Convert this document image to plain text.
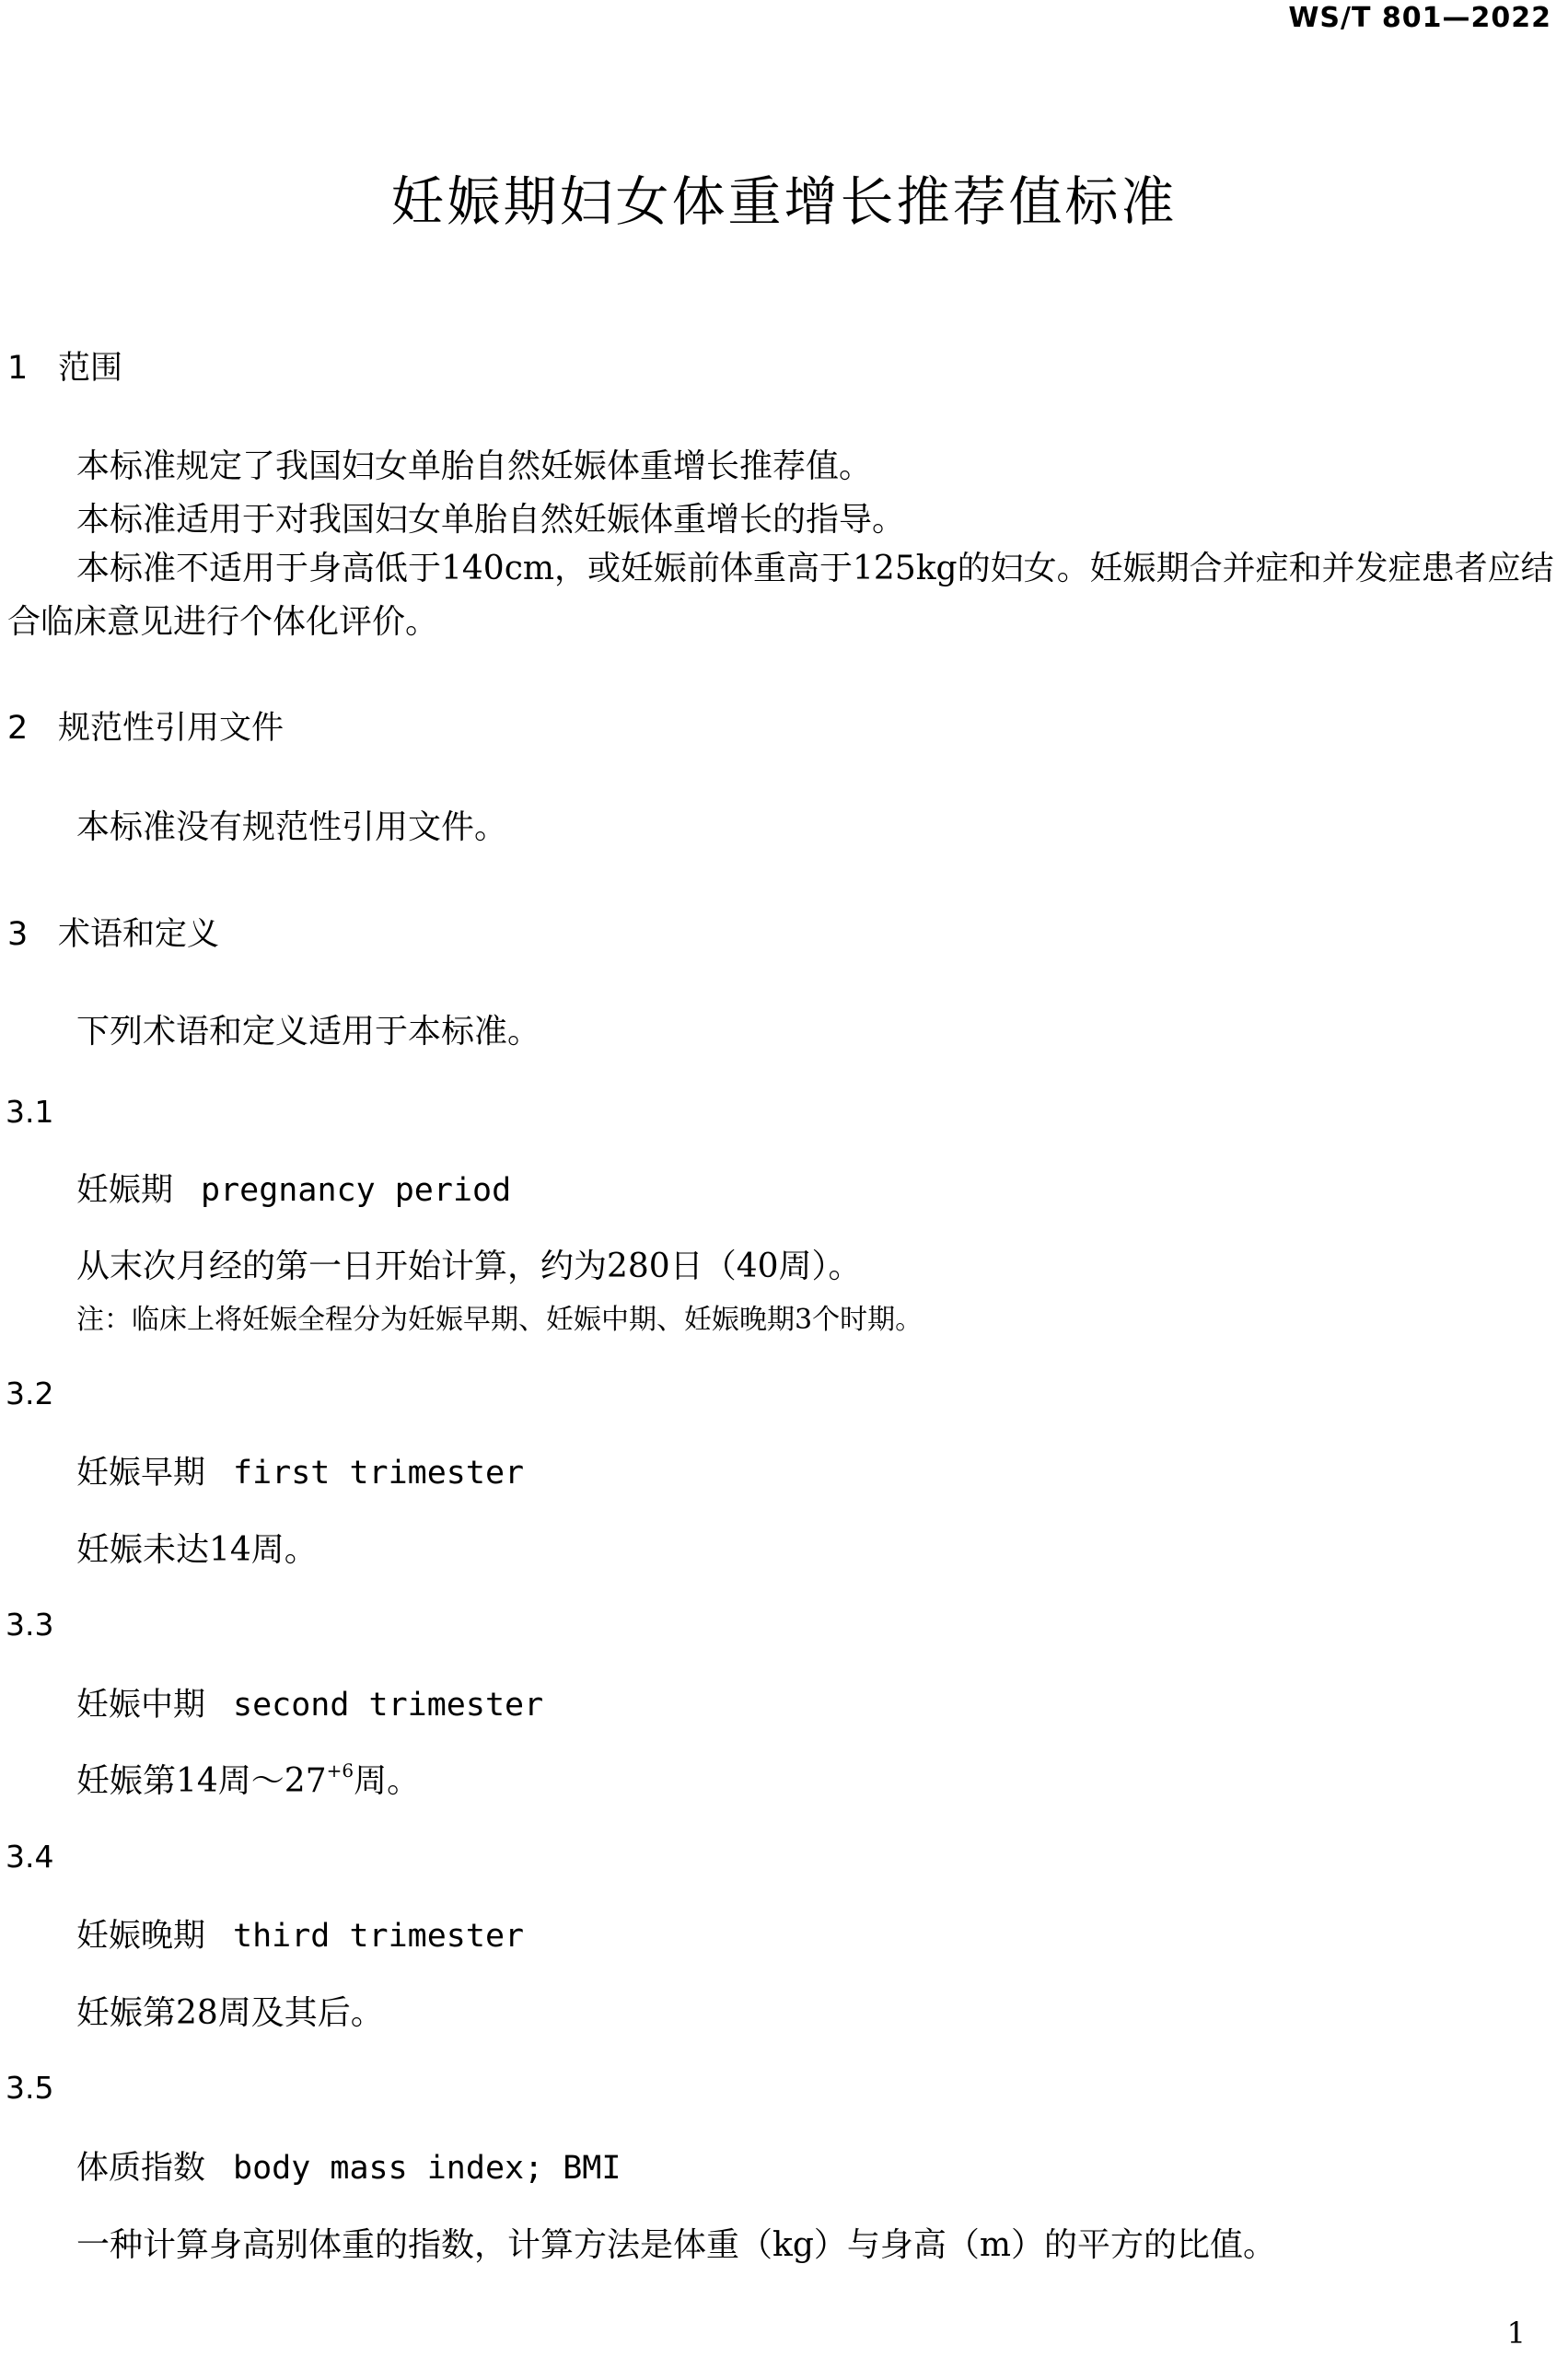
WS/T 801—2022
妊娠期妇女体重增长推荐值标准
1 范围
本标准规定了我国妇女单胎自然妊娠体重增长推荐值。
本标准适用于对我国妇女单胎自然妊娠体重增长的指导。
本标准不适用于身高低于140cm，或妊娠前体重高于125kg的妇女。妊娠期合并症和并发症患者应结合临床意见进行个体化评价。
2 规范性引用文件
本标准没有规范性引用文件。
3 术语和定义
下列术语和定义适用于本标准。
3.1
妊娠期 pregnancy period
从末次月经的第一日开始计算，约为280日（40周）。
注：临床上将妊娠全程分为妊娠早期、妊娠中期、妊娠晚期3个时期。
3.2
妊娠早期 first trimester
妊娠未达14周。
3.3
妊娠中期 second trimester
妊娠第14周$\sim 27^{+6}$周。
3.4
妊娠晚期 third trimester
妊娠第28周及其后。
3.5
体质指数 body mass index; BMI
一种计算身高别体重的指数，计算方法是体重（kg）与身高（m）的平方的比值。
1
